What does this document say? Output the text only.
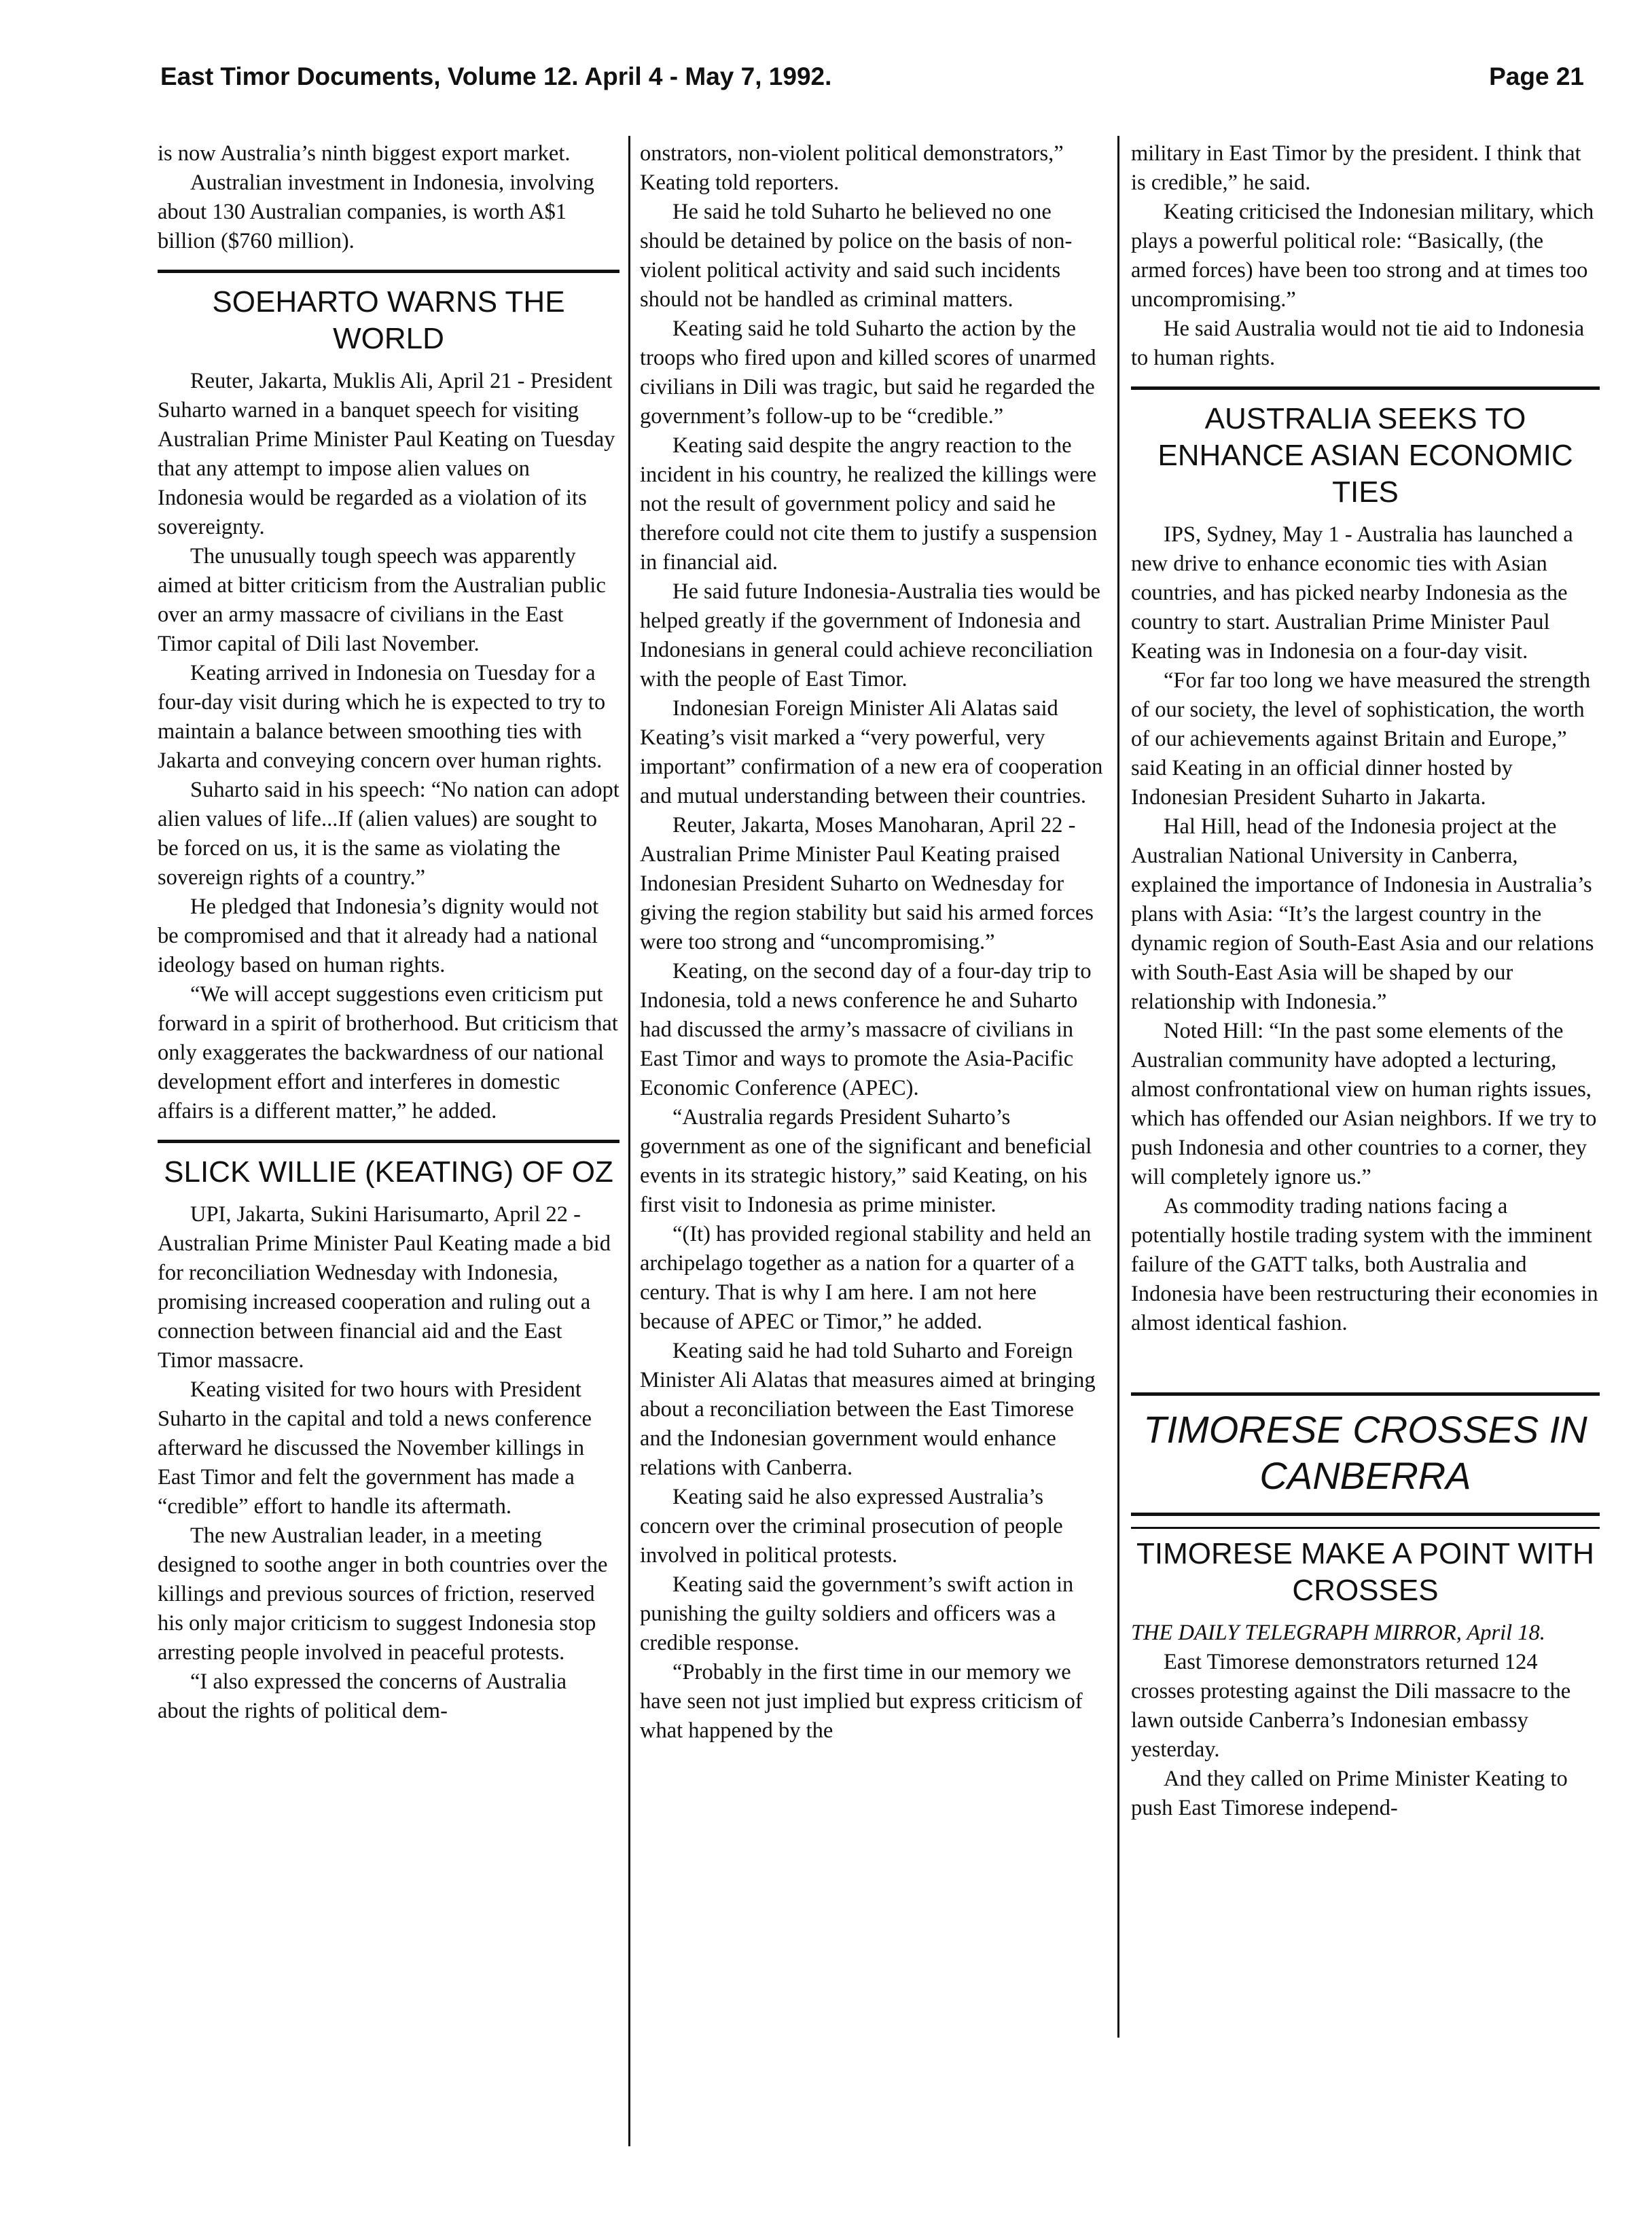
East Timor Documents, Volume 12. April 4 - May 7, 1992.	Page 21

is now Australia’s ninth biggest export market.

Australian investment in Indonesia, involving about 130 Australian companies, is worth A$1 billion ($760 million).

SOEHARTO WARNS THE WORLD

Reuter, Jakarta, Muklis Ali, April 21 - President Suharto warned in a banquet speech for visiting Australian Prime Minister Paul Keating on Tuesday that any attempt to impose alien values on Indonesia would be regarded as a violation of its sovereignty.

The unusually tough speech was apparently aimed at bitter criticism from the Australian public over an army massacre of civilians in the East Timor capital of Dili last November.

Keating arrived in Indonesia on Tuesday for a four-day visit during which he is expected to try to maintain a balance between smoothing ties with Jakarta and conveying concern over human rights.

Suharto said in his speech: “No nation can adopt alien values of life...If (alien values) are sought to be forced on us, it is the same as violating the sovereign rights of a country.”

He pledged that Indonesia’s dignity would not be compromised and that it already had a national ideology based on human rights.

“We will accept suggestions even criticism put forward in a spirit of brotherhood. But criticism that only exaggerates the backwardness of our national development effort and interferes in domestic affairs is a different matter,” he added.

SLICK WILLIE (KEATING) OF OZ

UPI, Jakarta, Sukini Harisumarto, April 22 - Australian Prime Minister Paul Keating made a bid for reconciliation Wednesday with Indonesia, promising increased cooperation and ruling out a connection between financial aid and the East Timor massacre.

Keating visited for two hours with President Suharto in the capital and told a news conference afterward he discussed the November killings in East Timor and felt the government has made a “credible” effort to handle its aftermath.

The new Australian leader, in a meeting designed to soothe anger in both countries over the killings and previous sources of friction, reserved his only major criticism to suggest Indonesia stop arresting people involved in peaceful protests.

“I also expressed the concerns of Australia about the rights of political dem-

onstrators, non-violent political demonstrators,” Keating told reporters.

He said he told Suharto he believed no one should be detained by police on the basis of non-violent political activity and said such incidents should not be handled as criminal matters.

Keating said he told Suharto the action by the troops who fired upon and killed scores of unarmed civilians in Dili was tragic, but said he regarded the government’s follow-up to be “credible.”

Keating said despite the angry reaction to the incident in his country, he realized the killings were not the result of government policy and said he therefore could not cite them to justify a suspension in financial aid.

He said future Indonesia-Australia ties would be helped greatly if the government of Indonesia and Indonesians in general could achieve reconciliation with the people of East Timor.

Indonesian Foreign Minister Ali Alatas said Keating’s visit marked a “very powerful, very important” confirmation of a new era of cooperation and mutual understanding between their countries.

Reuter, Jakarta, Moses Manoharan, April 22 - Australian Prime Minister Paul Keating praised Indonesian President Suharto on Wednesday for giving the region stability but said his armed forces were too strong and “uncompromising.”

Keating, on the second day of a four-day trip to Indonesia, told a news conference he and Suharto had discussed the army’s massacre of civilians in East Timor and ways to promote the Asia-Pacific Economic Conference (APEC).

“Australia regards President Suharto’s government as one of the significant and beneficial events in its strategic history,” said Keating, on his first visit to Indonesia as prime minister.

“(It) has provided regional stability and held an archipelago together as a nation for a quarter of a century. That is why I am here. I am not here because of APEC or Timor,” he added.

Keating said he had told Suharto and Foreign Minister Ali Alatas that measures aimed at bringing about a reconciliation between the East Timorese and the Indonesian government would enhance relations with Canberra.

Keating said he also expressed Australia’s concern over the criminal prosecution of people involved in political protests.

Keating said the government’s swift action in punishing the guilty soldiers and officers was a credible response.

“Probably in the first time in our memory we have seen not just implied but express criticism of what happened by the

military in East Timor by the president. I think that is credible,” he said.

Keating criticised the Indonesian military, which plays a powerful political role: “Basically, (the armed forces) have been too strong and at times too uncompromising.”

He said Australia would not tie aid to Indonesia to human rights.

AUSTRALIA SEEKS TO ENHANCE ASIAN ECONOMIC TIES

IPS, Sydney, May 1 - Australia has launched a new drive to enhance economic ties with Asian countries, and has picked nearby Indonesia as the country to start. Australian Prime Minister Paul Keating was in Indonesia on a four-day visit.

“For far too long we have measured the strength of our society, the level of sophistication, the worth of our achievements against Britain and Europe,” said Keating in an official dinner hosted by Indonesian President Suharto in Jakarta.

Hal Hill, head of the Indonesia project at the Australian National University in Canberra, explained the importance of Indonesia in Australia’s plans with Asia: “It’s the largest country in the dynamic region of South-East Asia and our relations with South-East Asia will be shaped by our relationship with Indonesia.”

Noted Hill: “In the past some elements of the Australian community have adopted a lecturing, almost confrontational view on human rights issues, which has offended our Asian neighbors. If we try to push Indonesia and other countries to a corner, they will completely ignore us.”

As commodity trading nations facing a potentially hostile trading system with the imminent failure of the GATT talks, both Australia and Indonesia have been restructuring their economies in almost identical fashion.

TIMORESE CROSSES IN CANBERRA
TIMORESE MAKE A POINT WITH CROSSES

THE DAILY TELEGRAPH MIRROR, April 18.

East Timorese demonstrators returned 124 crosses protesting against the Dili massacre to the lawn outside Canberra’s Indonesian embassy yesterday.

And they called on Prime Minister Keating to push East Timorese independ-
